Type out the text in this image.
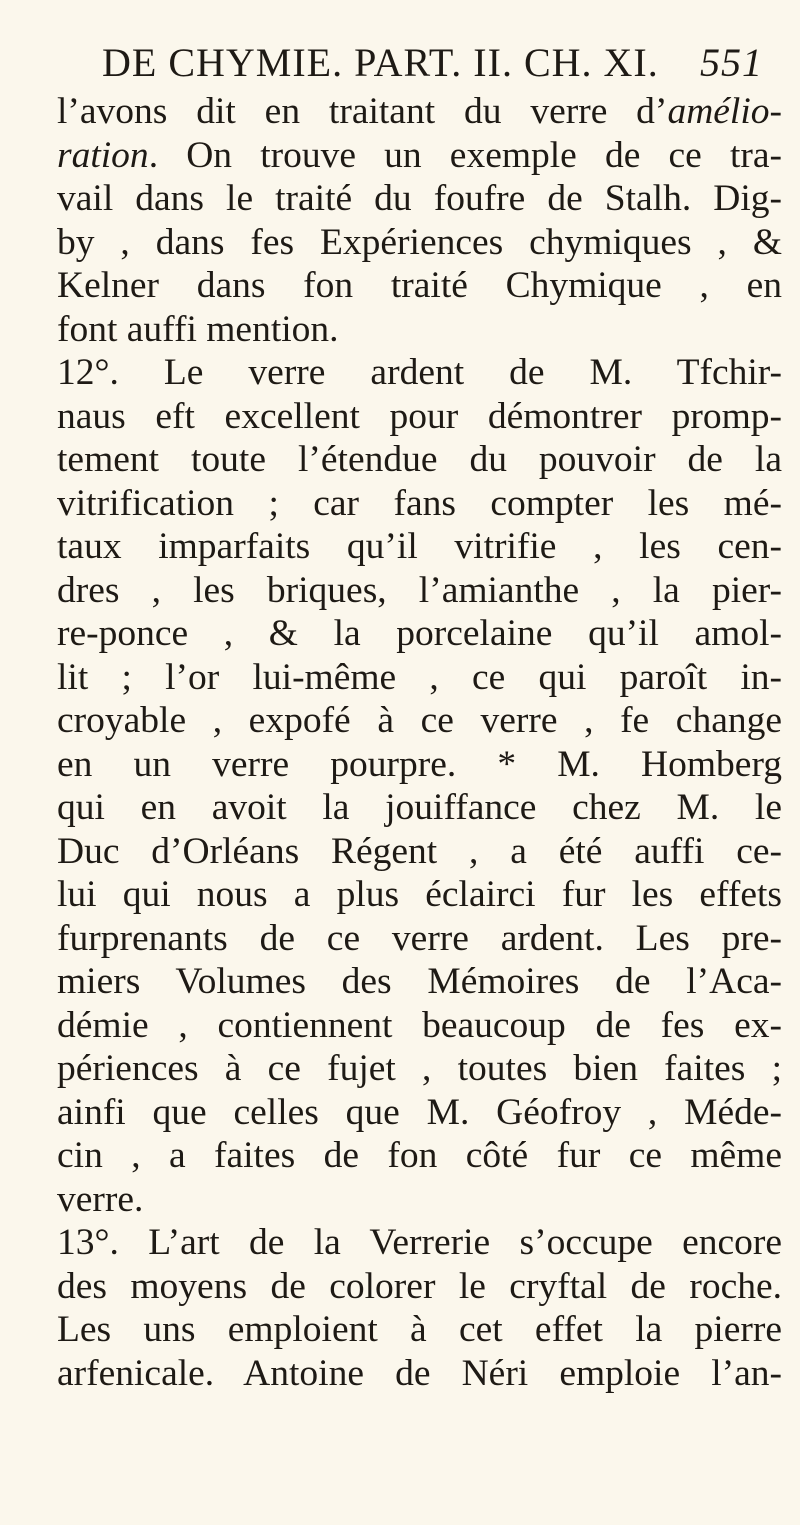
DE CHYMIE. PART. II. CH. XI. 551
l’avons dit en traitant du verre d’amélio-
ration. On trouve un exemple de ce tra-
vail dans le traité du foufre de Stalh. Dig-
by , dans fes Expériences chymiques , &
Kelner dans fon traité Chymique , en
font auffi mention.
12°. Le verre ardent de M. Tfchir-
naus eft excellent pour démontrer promp-
tement toute l’étendue du pouvoir de la
vitrification ; car fans compter les mé-
taux imparfaits qu’il vitrifie , les cen-
dres , les briques, l’amianthe , la pier-
re-ponce , & la porcelaine qu’il amol-
lit ; l’or lui-même , ce qui paroît in-
croyable , expofé à ce verre , fe change
en un verre pourpre. * M. Homberg
qui en avoit la jouiffance chez M. le
Duc d’Orléans Régent , a été auffi ce-
lui qui nous a plus éclairci fur les effets
furprenants de ce verre ardent. Les pre-
miers Volumes des Mémoires de l’Aca-
démie , contiennent beaucoup de fes ex-
périences à ce fujet , toutes bien faites ;
ainfi que celles que M. Géofroy , Méde-
cin , a faites de fon côté fur ce même
verre.
13°. L’art de la Verrerie s’occupe encore
des moyens de colorer le cryftal de roche.
Les uns emploient à cet effet la pierre
arfenicale. Antoine de Néri emploie l’an-
